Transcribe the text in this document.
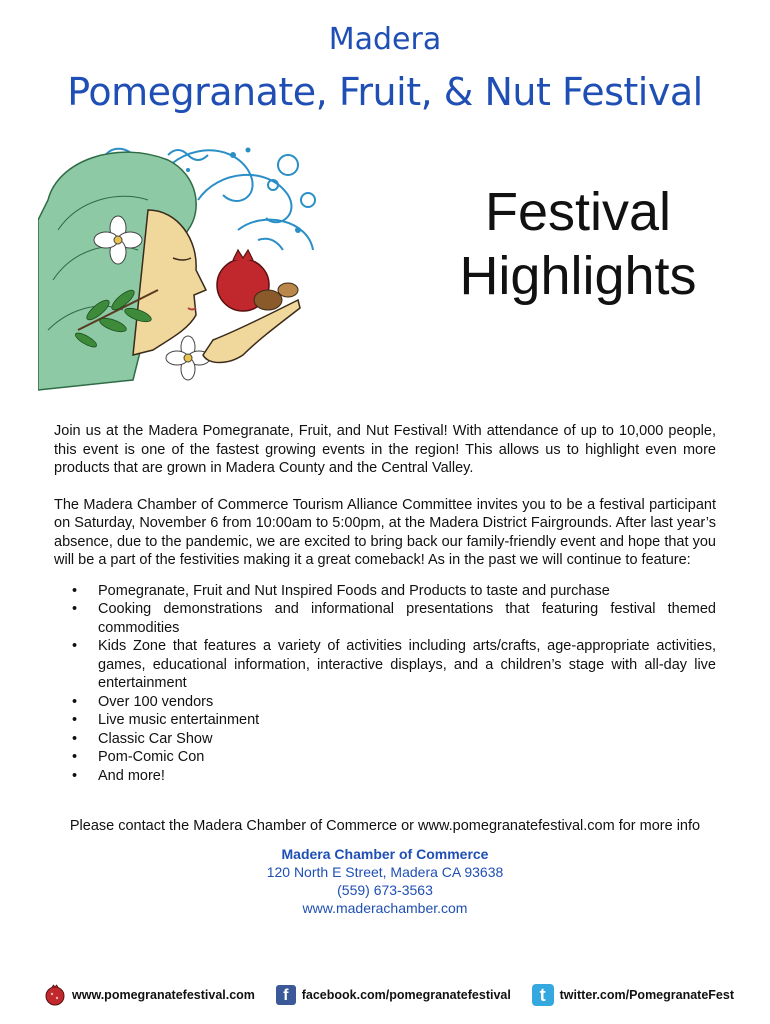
Madera
Pomegranate, Fruit, & Nut Festival
Festival
Highlights

Join us at the Madera Pomegranate, Fruit, and Nut Festival! With attendance of up to 10,000 people, this event is one of the fastest growing events in the region! This allows us to highlight even more products that are grown in Madera County and the Central Valley.

The Madera Chamber of Commerce Tourism Alliance Committee invites you to be a festival participant on Saturday, November 6 from 10:00am to 5:00pm, at the Madera District Fairgrounds. After last year’s absence, due to the pandemic, we are excited to bring back our family-friendly event and hope that you will be a part of the festivities making it a great comeback! As in the past we will continue to feature:

• Pomegranate, Fruit and Nut Inspired Foods and Products to taste and purchase
• Cooking demonstrations and informational presentations that featuring festival themed commodities
• Kids Zone that features a variety of activities including arts/crafts, age-appropriate activities, games, educational information, interactive displays, and a children’s stage with all-day live entertainment
• Over 100 vendors
• Live music entertainment
• Classic Car Show
• Pom-Comic Con
• And more!
Please contact the Madera Chamber of Commerce or www.pomegranatefestival.com for more info
Madera Chamber of Commerce
120 North E Street, Madera CA 93638
(559) 673-3563
www.maderachamber.com
www.pomegranatefestival.com	f	facebook.com/pomegranatefestival	t	twitter.com/PomegranateFest
